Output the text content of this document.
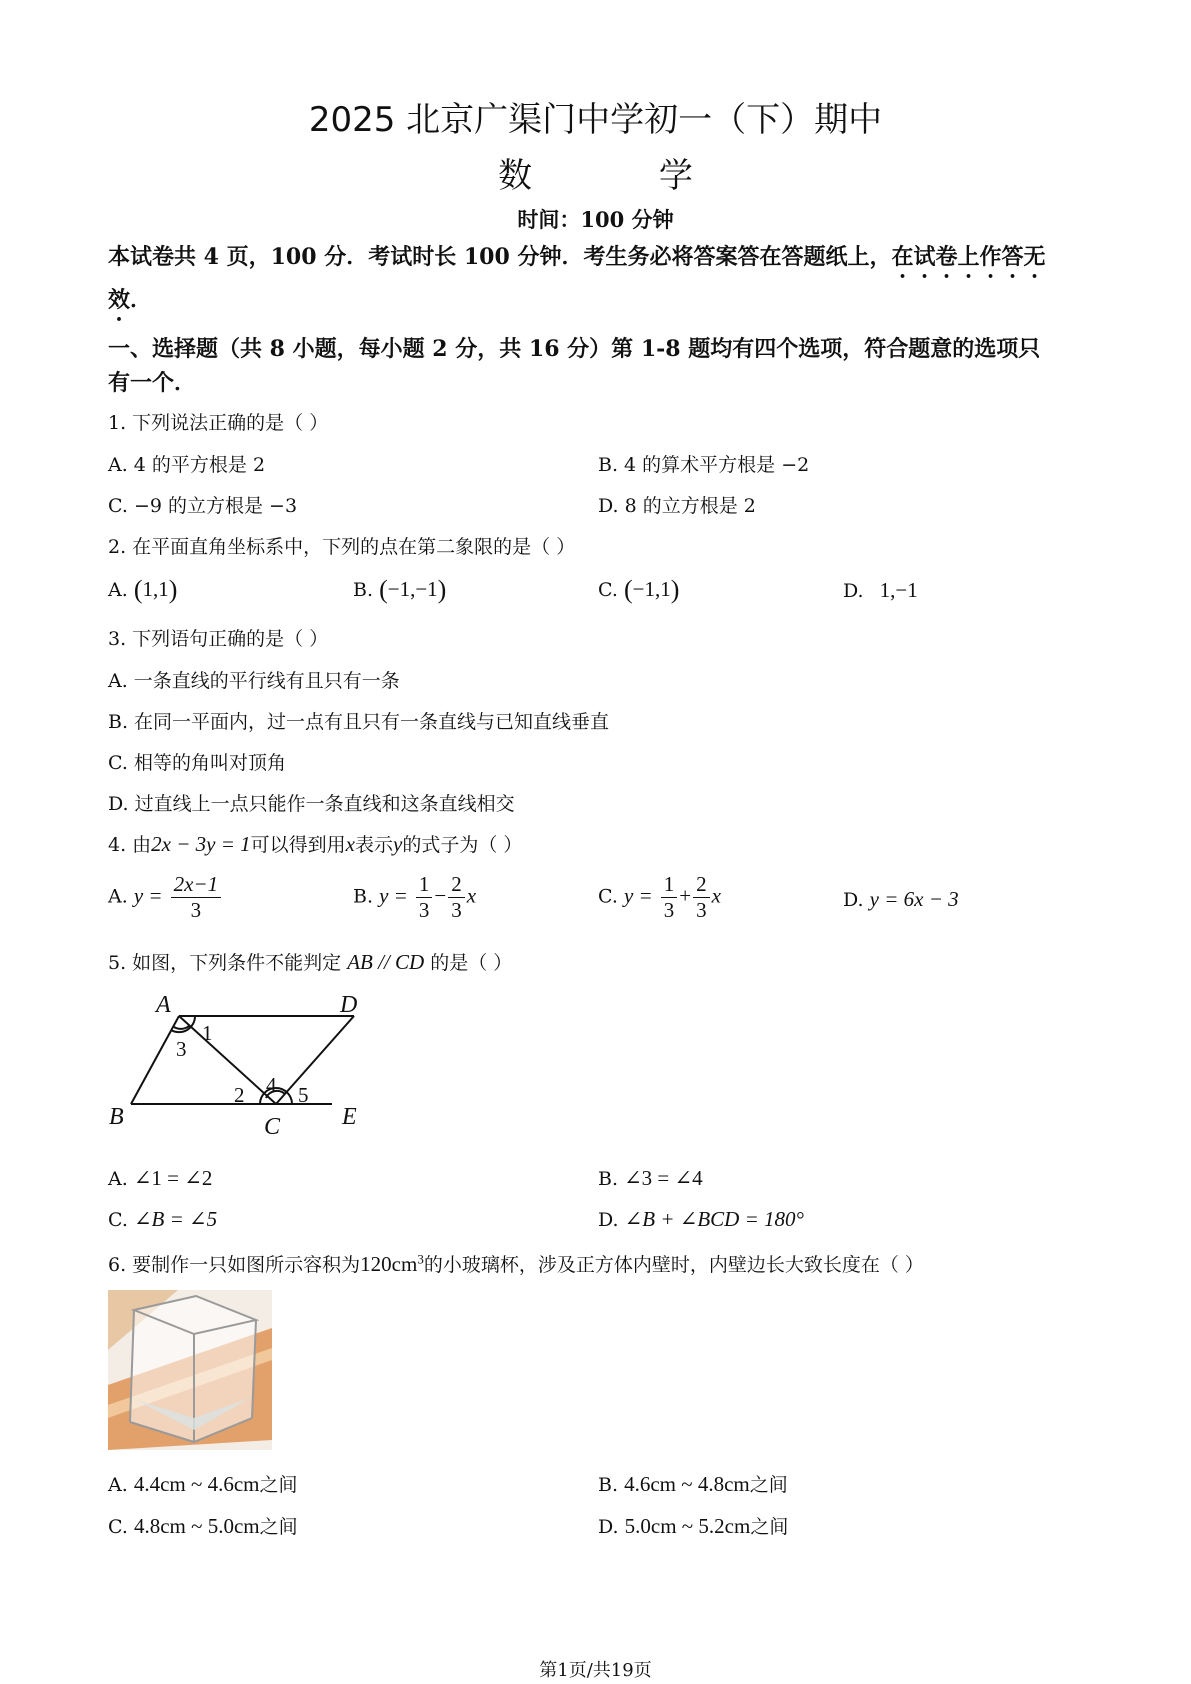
2025 北京广渠门中学初一（下）期中
数 学
时间：100 分钟
本试卷共 4 页，100 分．考试时长 100 分钟．考生务必将答案答在答题纸上，在试卷上作答无效．
一、选择题（共 8 小题，每小题 2 分，共 16 分）第 1-8 题均有四个选项，符合题意的选项只
有一个．
1. 下列说法正确的是（ ）
A. 4 的平方根是 2	B. 4 的算术平方根是 −2
C. −9 的立方根是 −3	D. 8 的立方根是 2
2. 在平面直角坐标系中，下列的点在第二象限的是（ ）
A. (1,1)	B. (−1,−1)	C. (−1,1)	D. 1,−1
3. 下列语句正确的是（ ）
A. 一条直线的平行线有且只有一条
B. 在同一平面内，过一点有且只有一条直线与已知直线垂直
C. 相等的角叫对顶角
D. 过直线上一点只能作一条直线和这条直线相交
4. 由2x − 3y = 1可以得到用x表示y的式子为（ ）
A. $y = \frac{2x-1}{3}$	B. $y = \frac{1}{3} - \frac{2}{3}$ x	C. $y = \frac{1}{3} + \frac{2}{3}$ x	D. y = 6x − 3
5. 如图，下列条件不能判定 AB // CD 的是（ ）
A	D
B	C	E
1
3
4
2	5
A. ∠1 = ∠2	B. ∠3 = ∠4
C. ∠B = ∠5	D. ∠B + ∠BCD = 180°
6. 要制作一只如图所示容积为$120cm^3$的小玻璃杯，涉及正方体内壁时，内壁边长大致长度在（ ）
A. 4.4cm ~ 4.6cm之间	B. 4.6cm ~ 4.8cm之间
C. 4.8cm ~ 5.0cm之间	D. 5.0cm ~ 5.2cm之间
第1页/共19页
